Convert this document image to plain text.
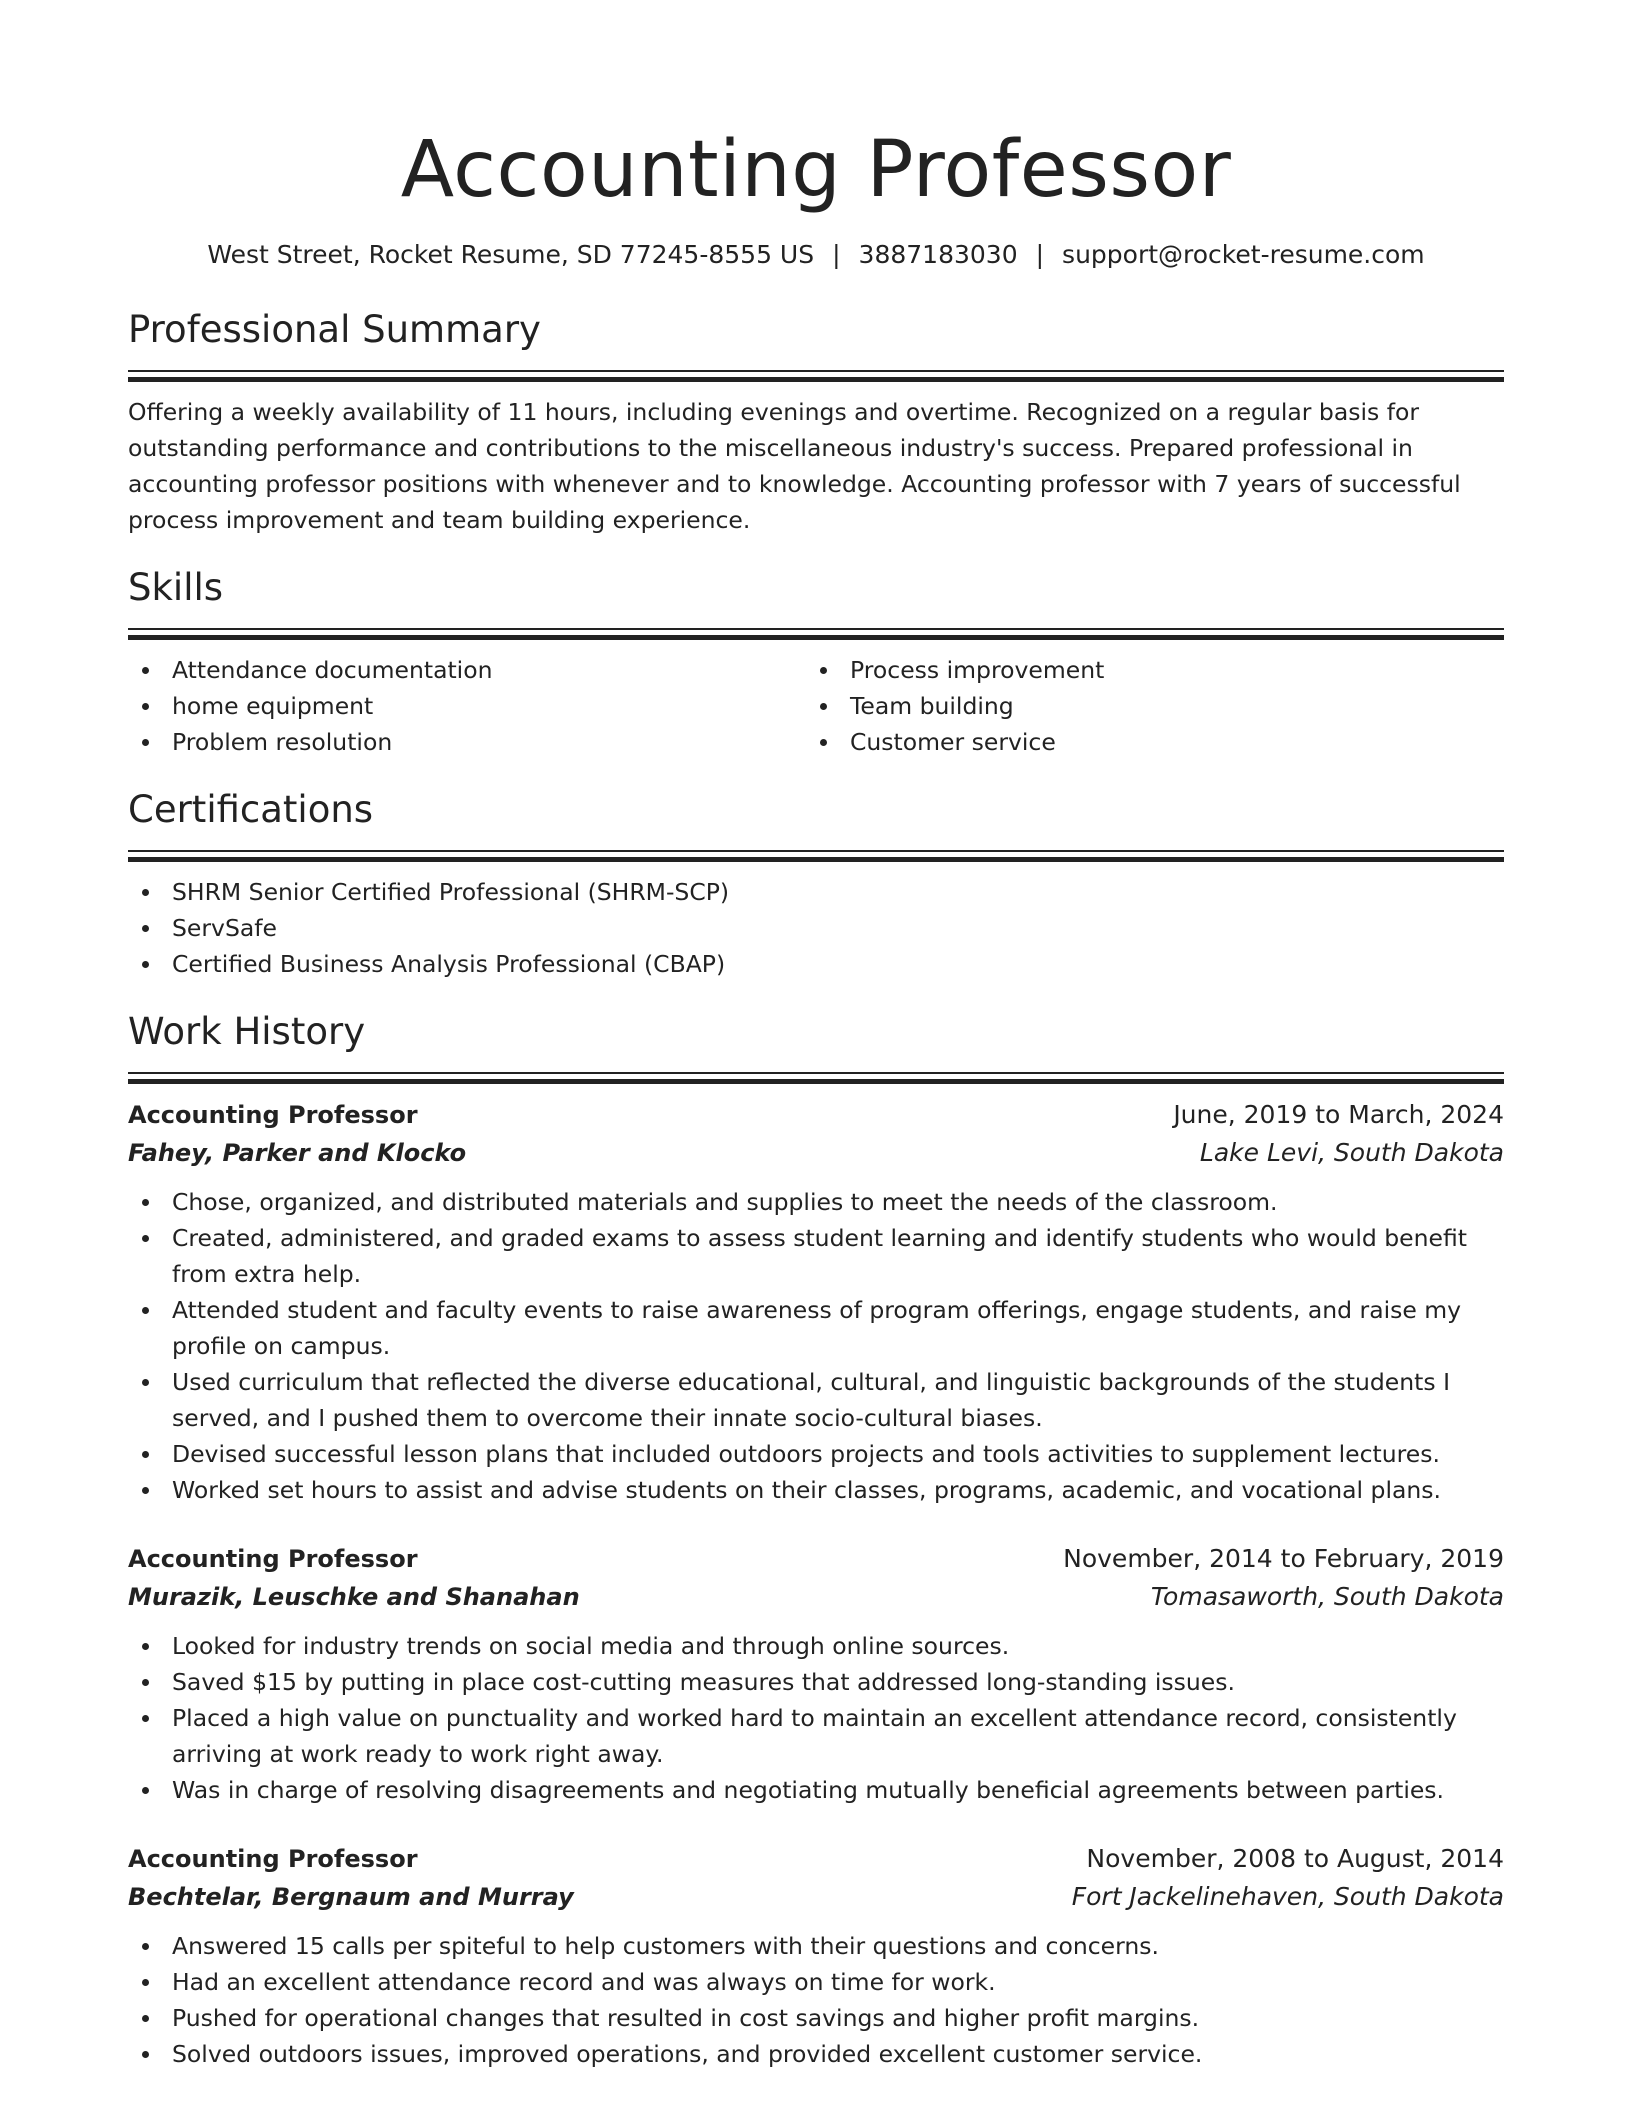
Accounting Professor
West Street, Rocket Resume, SD 77245-8555 US | 3887183030 | support@rocket-resume.com
Professional Summary

Offering a weekly availability of 11 hours, including evenings and overtime. Recognized on a regular basis for outstanding performance and contributions to the miscellaneous industry's success. Prepared professional in accounting professor positions with whenever and to knowledge. Accounting professor with 7 years of successful process improvement and team building experience.

Skills
Attendance documentation
home equipment
Problem resolution
Process improvement
Team building
Customer service
Certifications
SHRM Senior Certified Professional (SHRM-SCP)
ServSafe
Certified Business Analysis Professional (CBAP)
Work History
Accounting Professor	June, 2019 to March, 2024
Fahey, Parker and Klocko	Lake Levi, South Dakota
Chose, organized, and distributed materials and supplies to meet the needs of the classroom.
Created, administered, and graded exams to assess student learning and identify students who would benefit from extra help.
Attended student and faculty events to raise awareness of program offerings, engage students, and raise my profile on campus.
Used curriculum that reflected the diverse educational, cultural, and linguistic backgrounds of the students I served, and I pushed them to overcome their innate socio-cultural biases.
Devised successful lesson plans that included outdoors projects and tools activities to supplement lectures.
Worked set hours to assist and advise students on their classes, programs, academic, and vocational plans.
Accounting Professor	November, 2014 to February, 2019
Murazik, Leuschke and Shanahan	Tomasaworth, South Dakota
Looked for industry trends on social media and through online sources.
Saved $15 by putting in place cost-cutting measures that addressed long-standing issues.
Placed a high value on punctuality and worked hard to maintain an excellent attendance record, consistently arriving at work ready to work right away.
Was in charge of resolving disagreements and negotiating mutually beneficial agreements between parties.
Accounting Professor	November, 2008 to August, 2014
Bechtelar, Bergnaum and Murray	Fort Jackelinehaven, South Dakota
Answered 15 calls per spiteful to help customers with their questions and concerns.
Had an excellent attendance record and was always on time for work.
Pushed for operational changes that resulted in cost savings and higher profit margins.
Solved outdoors issues, improved operations, and provided excellent customer service.
